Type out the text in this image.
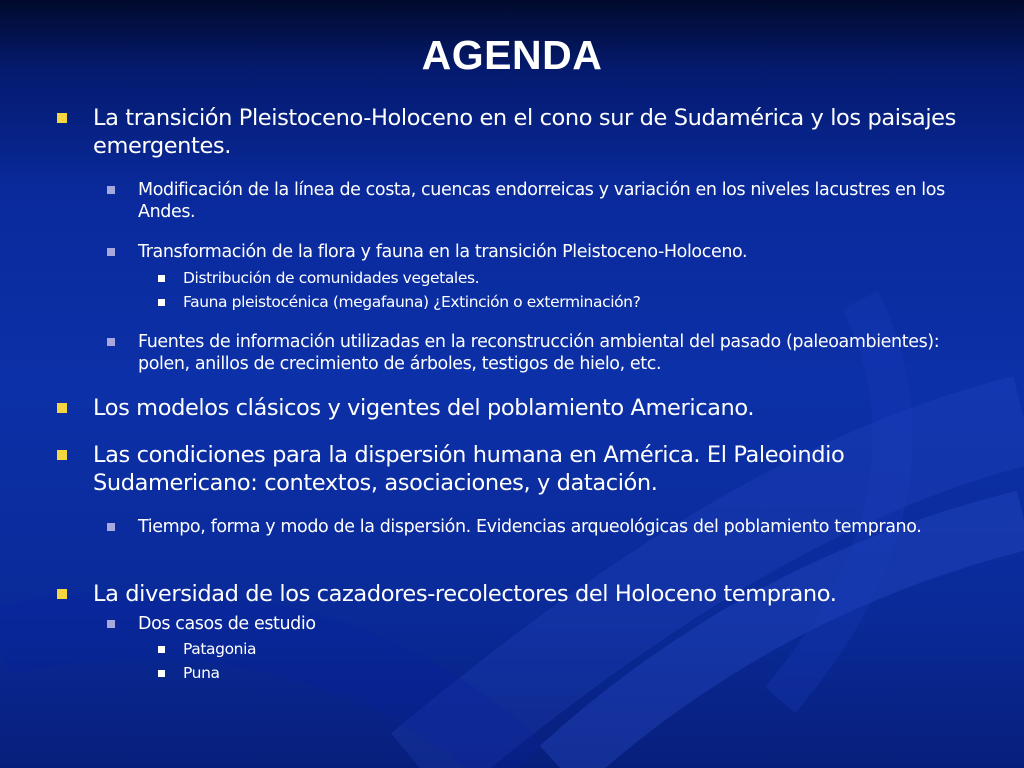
AGENDA
La transición Pleistoceno-Holoceno en el cono sur de Sudamérica y los paisajes emergentes.
Modificación de la línea de costa, cuencas endorreicas y variación en los niveles lacustres en los Andes.
Transformación de la flora y fauna en la transición Pleistoceno-Holoceno.
Distribución de comunidades vegetales.
Fauna pleistocénica (megafauna) ¿Extinción o exterminación?
Fuentes de información utilizadas en la reconstrucción ambiental del pasado (paleoambientes): polen, anillos de crecimiento de árboles, testigos de hielo, etc.
Los modelos clásicos y vigentes del poblamiento Americano.
Las condiciones para la dispersión humana en América. El Paleoindio Sudamericano: contextos, asociaciones, y datación.
Tiempo, forma y modo de la dispersión. Evidencias arqueológicas del poblamiento temprano.
La diversidad de los cazadores-recolectores del Holoceno temprano.
Dos casos de estudio
Patagonia
Puna
